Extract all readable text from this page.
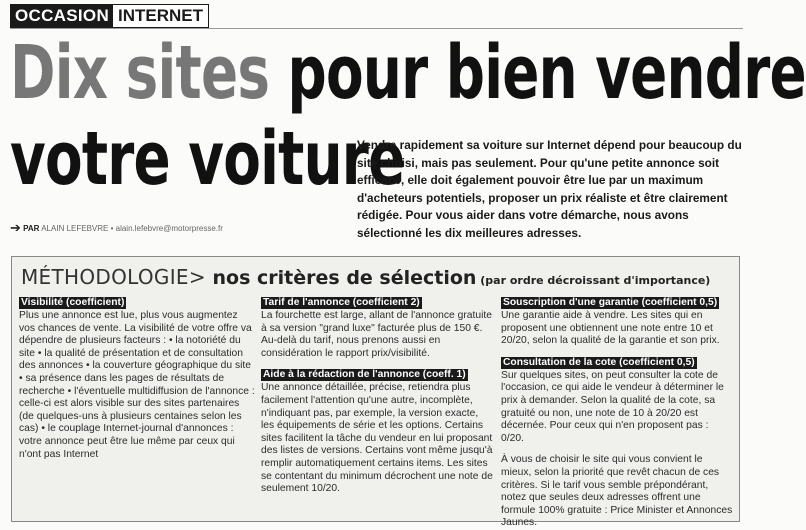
OCCASION INTERNET
Dix sites pour bien vendre
votre voiture
Vendre rapidement sa voiture sur Internet dépend pour beaucoup du site choisi, mais pas seulement. Pour qu'une petite annonce soit efficace, elle doit également pouvoir être lue par un maximum d'acheteurs potentiels, proposer un prix réaliste et être clairement rédigée. Pour vous aider dans votre démarche, nous avons sélectionné les dix meilleures adresses.
➔ PAR ALAIN LEFEBVRE • alain.lefebvre@motorpresse.fr
MÉTHODOLOGIE> nos critères de sélection (par ordre décroissant d'importance)
Visibilité (coefficient)

Plus une annonce est lue, plus vous augmentez vos chances de vente. La visibilité de votre offre va dépendre de plusieurs facteurs : • la notoriété du site • la qualité de présentation et de consultation des annonces • la couverture géographique du site • sa présence dans les pages de résultats de recherche • l'éventuelle multidiffusion de l'annonce : celle-ci est alors visible sur des sites partenaires (de quelques-uns à plusieurs centaines selon les cas) • le couplage Internet-journal d'annonces : votre annonce peut être lue même par ceux qui n'ont pas Internet

Tarif de l'annonce (coefficient 2)

La fourchette est large, allant de l'annonce gratuite à sa version "grand luxe" facturée plus de 150 €. Au-delà du tarif, nous prenons aussi en considération le rapport prix/visibilité.

Aide à la rédaction de l'annonce (coeff. 1)

Une annonce détaillée, précise, retiendra plus facilement l'attention qu'une autre, incomplète, n'indiquant pas, par exemple, la version exacte, les équipements de série et les options. Certains sites facilitent la tâche du vendeur en lui proposant des listes de versions. Certains vont même jusqu'à remplir automatiquement certains items. Les sites se contentant du minimum décrochent une note de seulement 10/20.

Souscription d'une garantie (coefficient 0,5)

Une garantie aide à vendre. Les sites qui en proposent une obtiennent une note entre 10 et 20/20, selon la qualité de la garantie et son prix.

Consultation de la cote (coefficient 0,5)

Sur quelques sites, on peut consulter la cote de l'occasion, ce qui aide le vendeur à déterminer le prix à demander. Selon la qualité de la cote, sa gratuité ou non, une note de 10 à 20/20 est décernée. Pour ceux qui n'en proposent pas : 0/20.

À vous de choisir le site qui vous convient le mieux, selon la priorité que revêt chacun de ces critères. Si le tarif vous semble prépondérant, notez que seules deux adresses offrent une formule 100% gratuite : Price Minister et Annonces Jaunes.
